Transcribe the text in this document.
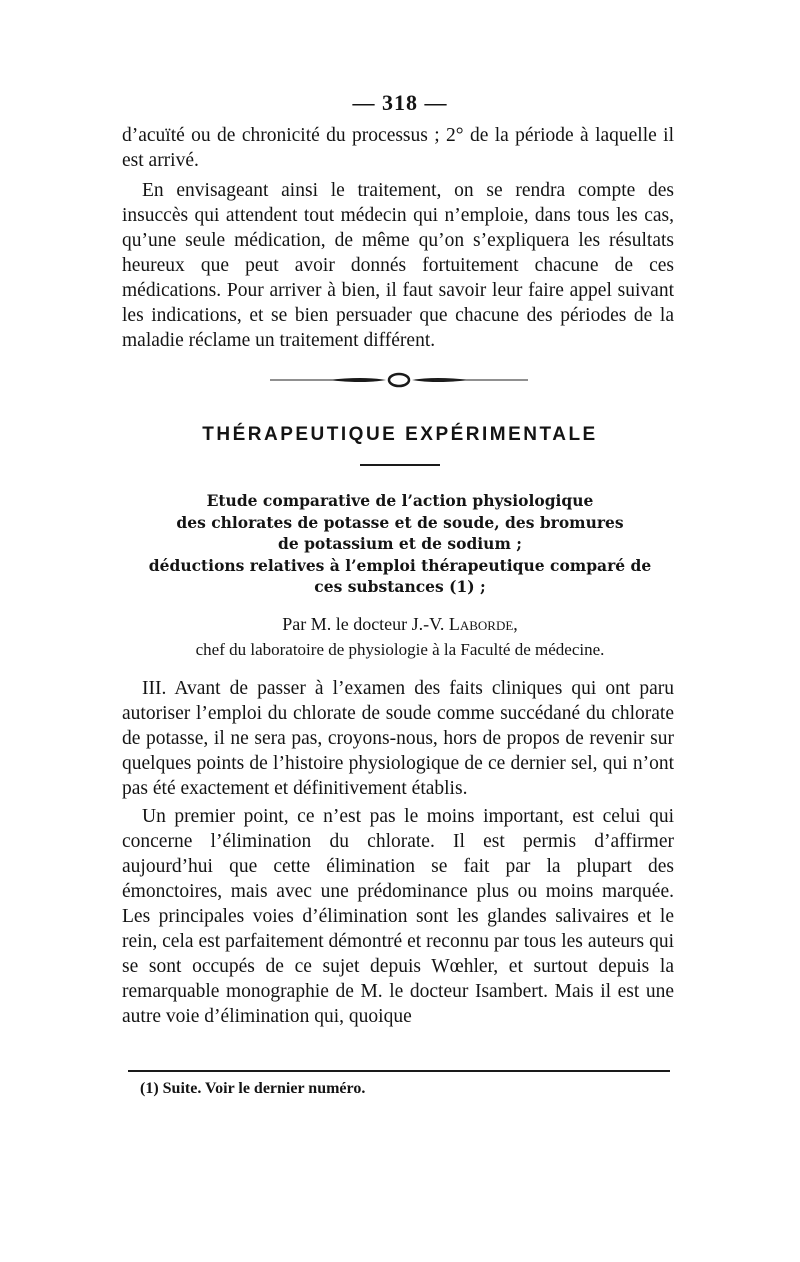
— 318 —

d’acuïté ou de chronicité du processus ; 2° de la période à laquelle il est arrivé.

En envisageant ainsi le traitement, on se rendra compte des insuccès qui attendent tout médecin qui n’emploie, dans tous les cas, qu’une seule médication, de même qu’on s’expliquera les résultats heureux que peut avoir donnés fortuitement chacune de ces médications. Pour arriver à bien, il faut savoir leur faire appel suivant les indications, et se bien persuader que chacune des périodes de la maladie réclame un traitement différent.

THÉRAPEUTIQUE EXPÉRIMENTALE
Etude comparative de l’action physiologique
des chlorates de potasse et de soude, des bromures
de potassium et de sodium ;
déductions relatives à l’emploi thérapeutique comparé de
ces substances (1) ;
Par M. le docteur J.-V. Laborde,
chef du laboratoire de physiologie à la Faculté de médecine.

III. Avant de passer à l’examen des faits cliniques qui ont paru autoriser l’emploi du chlorate de soude comme succédané du chlorate de potasse, il ne sera pas, croyons-nous, hors de propos de revenir sur quelques points de l’histoire physiologique de ce dernier sel, qui n’ont pas été exactement et définitivement établis.

Un premier point, ce n’est pas le moins important, est celui qui concerne l’élimination du chlorate. Il est permis d’affirmer aujourd’hui que cette élimination se fait par la plupart des émonctoires, mais avec une prédominance plus ou moins marquée. Les principales voies d’élimination sont les glandes salivaires et le rein, cela est parfaitement démontré et reconnu par tous les auteurs qui se sont occupés de ce sujet depuis Wœhler, et surtout depuis la remarquable monographie de M. le docteur Isambert. Mais il est une autre voie d’élimination qui, quoique

(1) Suite. Voir le dernier numéro.
